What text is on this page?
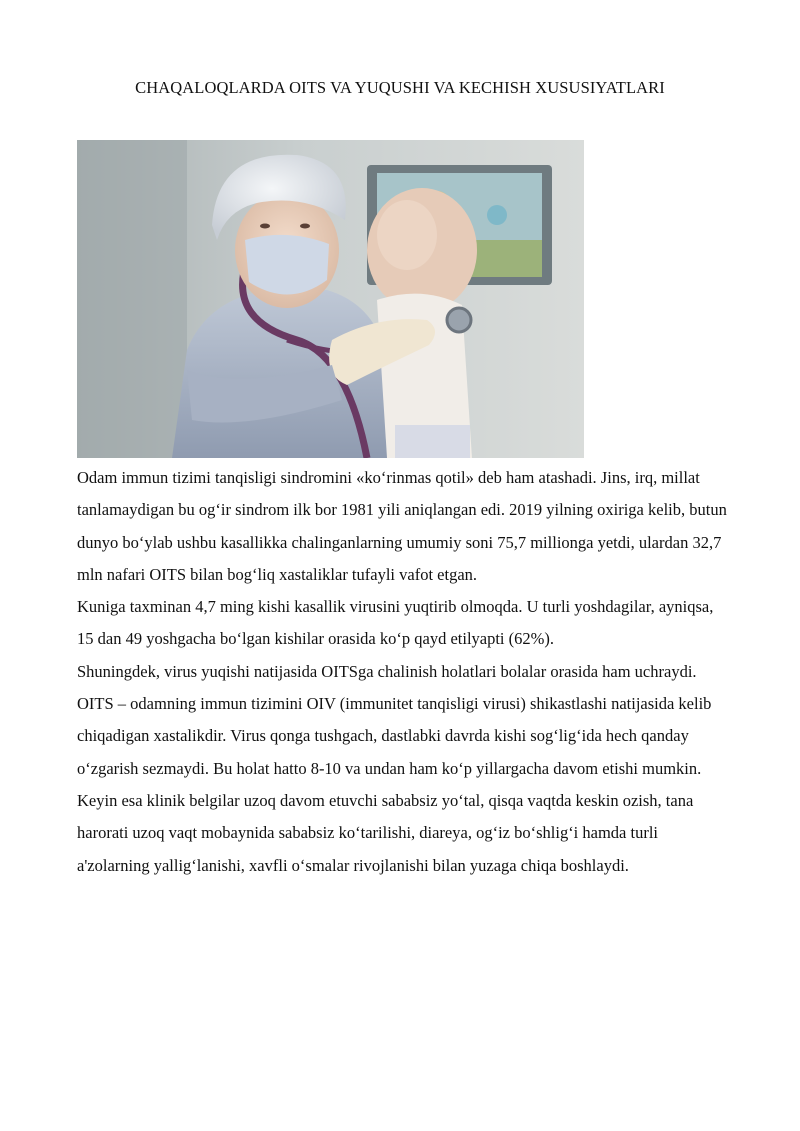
CHAQALOQLARDA OITS VA YUQUSHI VA KECHISH XUSUSIYATLARI

Odam immun tizimi tanqisligi sindromini «ko‘rinmas qotil» deb ham atashadi. Jins, irq, millat tanlamaydigan bu og‘ir sindrom ilk bor 1981 yili aniqlangan edi. 2019 yilning oxiriga kelib, butun dunyo bo‘ylab ushbu kasallikka chalinganlarning umumiy soni 75,7 millionga yetdi, ulardan 32,7 mln nafari OITS bilan bog‘liq xastaliklar tufayli vafot etgan.

Kuniga taxminan 4,7 ming kishi kasallik virusini yuqtirib olmoqda. U turli yoshdagilar, ayniqsa, 15 dan 49 yoshgacha bo‘lgan kishilar orasida ko‘p qayd etilyapti (62%).

Shuningdek, virus yuqishi natijasida OITSga chalinish holatlari bolalar orasida ham uchraydi.

OITS – odamning immun tizimini OIV (immunitet tanqisligi virusi) shikastlashi natijasida kelib chiqadigan xastalikdir. Virus qonga tushgach, dastlabki davrda kishi sog‘lig‘ida hech qanday o‘zgarish sezmaydi. Bu holat hatto 8-10 va undan ham ko‘p yillargacha davom etishi mumkin. Keyin esa klinik belgilar uzoq davom etuvchi sababsiz yo‘tal, qisqa vaqtda keskin ozish, tana harorati uzoq vaqt mobaynida sababsiz ko‘tarilishi, diareya, og‘iz bo‘shlig‘i hamda turli a'zolarning yallig‘lanishi, xavfli o‘smalar rivojlanishi bilan yuzaga chiqa boshlaydi.
